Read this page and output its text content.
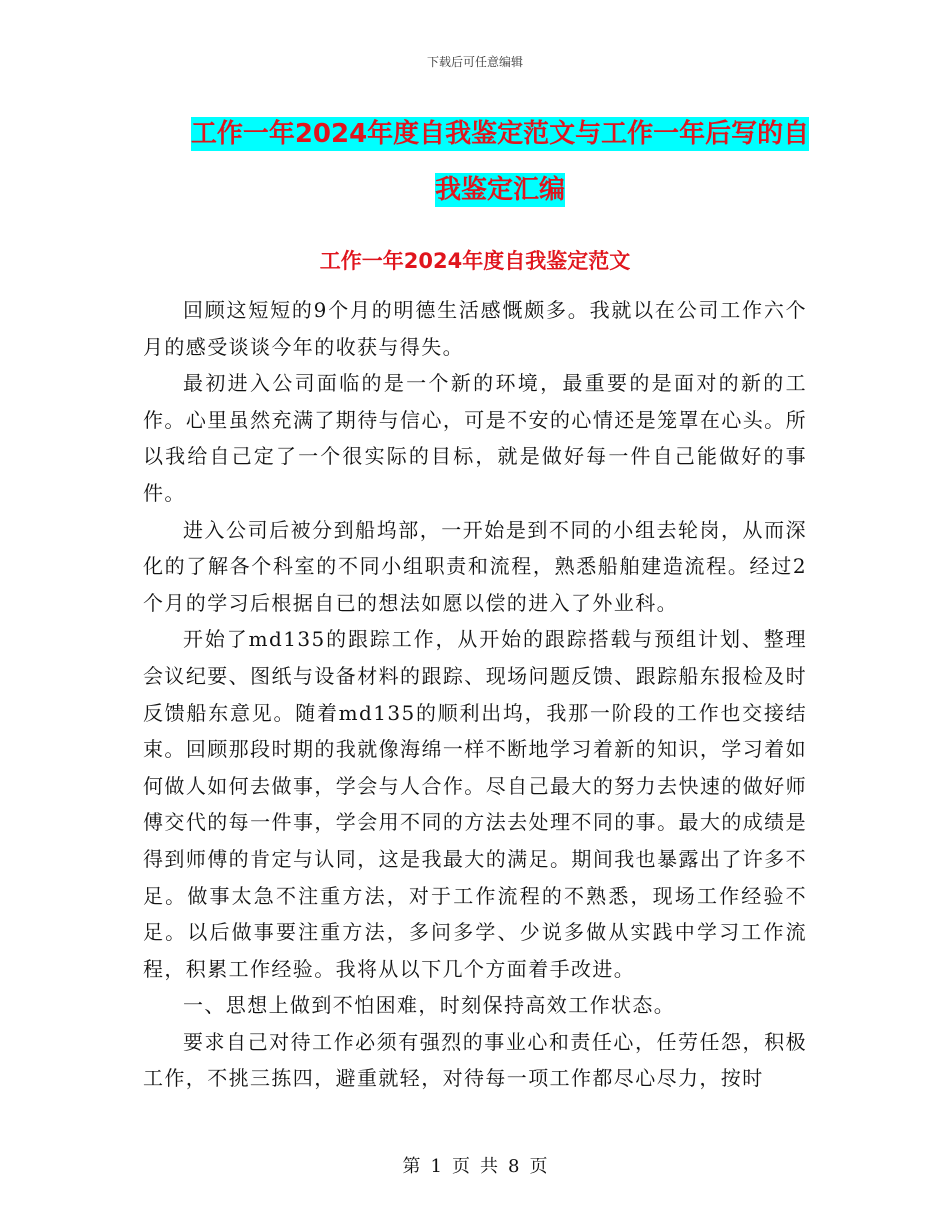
下载后可任意编辑
工作一年2024年度自我鉴定范文与工作一年后写的自
我鉴定汇编
工作一年2024年度自我鉴定范文

回顾这短短的9个月的明德生活感慨颇多。我就以在公司工作六个月的感受谈谈今年的收获与得失。

最初进入公司面临的是一个新的环境，最重要的是面对的新的工作。心里虽然充满了期待与信心，可是不安的心情还是笼罩在心头。所以我给自己定了一个很实际的目标，就是做好每一件自己能做好的事件。

进入公司后被分到船坞部，一开始是到不同的小组去轮岗，从而深化的了解各个科室的不同小组职责和流程，熟悉船舶建造流程。经过2个月的学习后根据自已的想法如愿以偿的进入了外业科。

开始了md135的跟踪工作，从开始的跟踪搭载与预组计划、整理会议纪要、图纸与设备材料的跟踪、现场问题反馈、跟踪船东报检及时反馈船东意见。随着md135的顺利出坞，我那一阶段的工作也交接结束。回顾那段时期的我就像海绵一样不断地学习着新的知识，学习着如何做人如何去做事，学会与人合作。尽自己最大的努力去快速的做好师傅交代的每一件事，学会用不同的方法去处理不同的事。最大的成绩是得到师傅的肯定与认同，这是我最大的满足。期间我也暴露出了许多不足。做事太急不注重方法，对于工作流程的不熟悉，现场工作经验不足。以后做事要注重方法，多问多学、少说多做从实践中学习工作流程，积累工作经验。我将从以下几个方面着手改进。

一、思想上做到不怕困难，时刻保持高效工作状态。

要求自己对待工作必须有强烈的事业心和责任心，任劳任怨，积极工作，不挑三拣四，避重就轻，对待每一项工作都尽心尽力，按时

第 1 页 共 8 页
